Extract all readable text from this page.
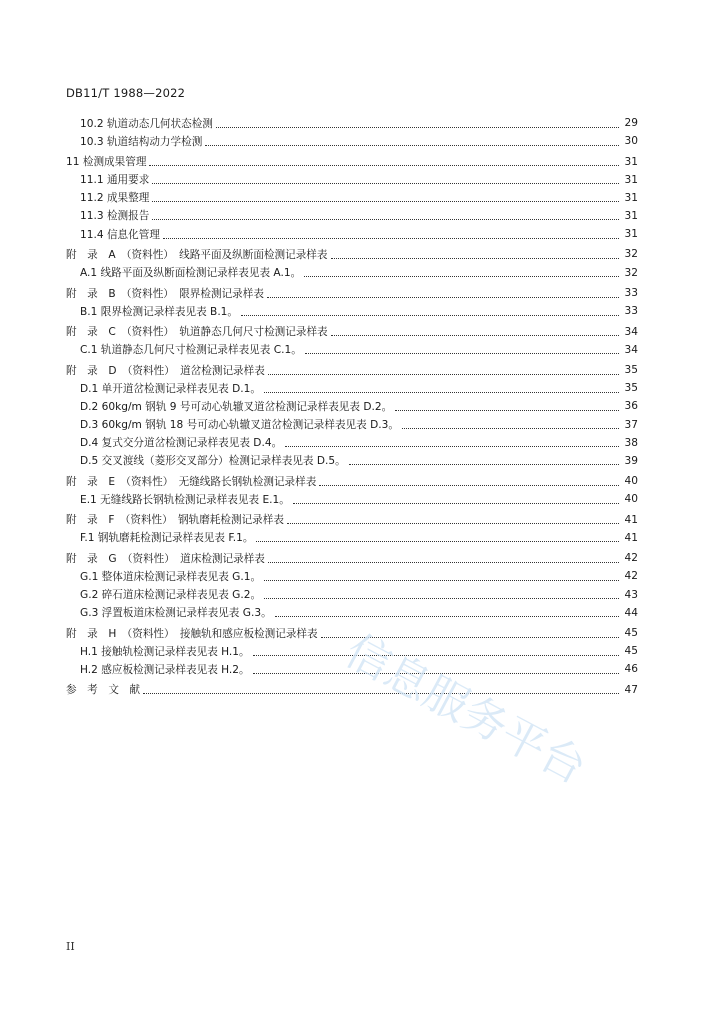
DB11/T 1988—2022
10.2 轨道动态几何状态检测	29
10.3 轨道结构动力学检测	30
11 检测成果管理	31
11.1 通用要求	31
11.2 成果整理	31
11.3 检测报告	31
11.4 信息化管理	31
附　录　A　（资料性）　线路平面及纵断面检测记录样表	32
A.1 线路平面及纵断面检测记录样表见表 A.1。	32
附　录　B　（资料性）　限界检测记录样表	33
B.1 限界检测记录样表见表 B.1。	33
附　录　C　（资料性）　轨道静态几何尺寸检测记录样表	34
C.1 轨道静态几何尺寸检测记录样表见表 C.1。	34
附　录　D　（资料性）　道岔检测记录样表	35
D.1 单开道岔检测记录样表见表 D.1。	35
D.2 60kg/m 钢轨 9 号可动心轨辙叉道岔检测记录样表见表 D.2。	36
D.3 60kg/m 钢轨 18 号可动心轨辙叉道岔检测记录样表见表 D.3。	37
D.4 复式交分道岔检测记录样表见表 D.4。	38
D.5 交叉渡线（菱形交叉部分）检测记录样表见表 D.5。	39
附　录　E　（资料性）　无缝线路长钢轨检测记录样表	40
E.1 无缝线路长钢轨检测记录样表见表 E.1。	40
附　录　F　（资料性）　钢轨磨耗检测记录样表	41
F.1 钢轨磨耗检测记录样表见表 F.1。	41
附　录　G　（资料性）　道床检测记录样表	42
G.1 整体道床检测记录样表见表 G.1。	42
G.2 碎石道床检测记录样表见表 G.2。	43
G.3 浮置板道床检测记录样表见表 G.3。	44
附　录　H　（资料性）　接触轨和感应板检测记录样表	45
H.1 接触轨检测记录样表见表 H.1。	45
H.2 感应板检测记录样表见表 H.2。	46
参　考　文　献	47
信息服务平台
II
